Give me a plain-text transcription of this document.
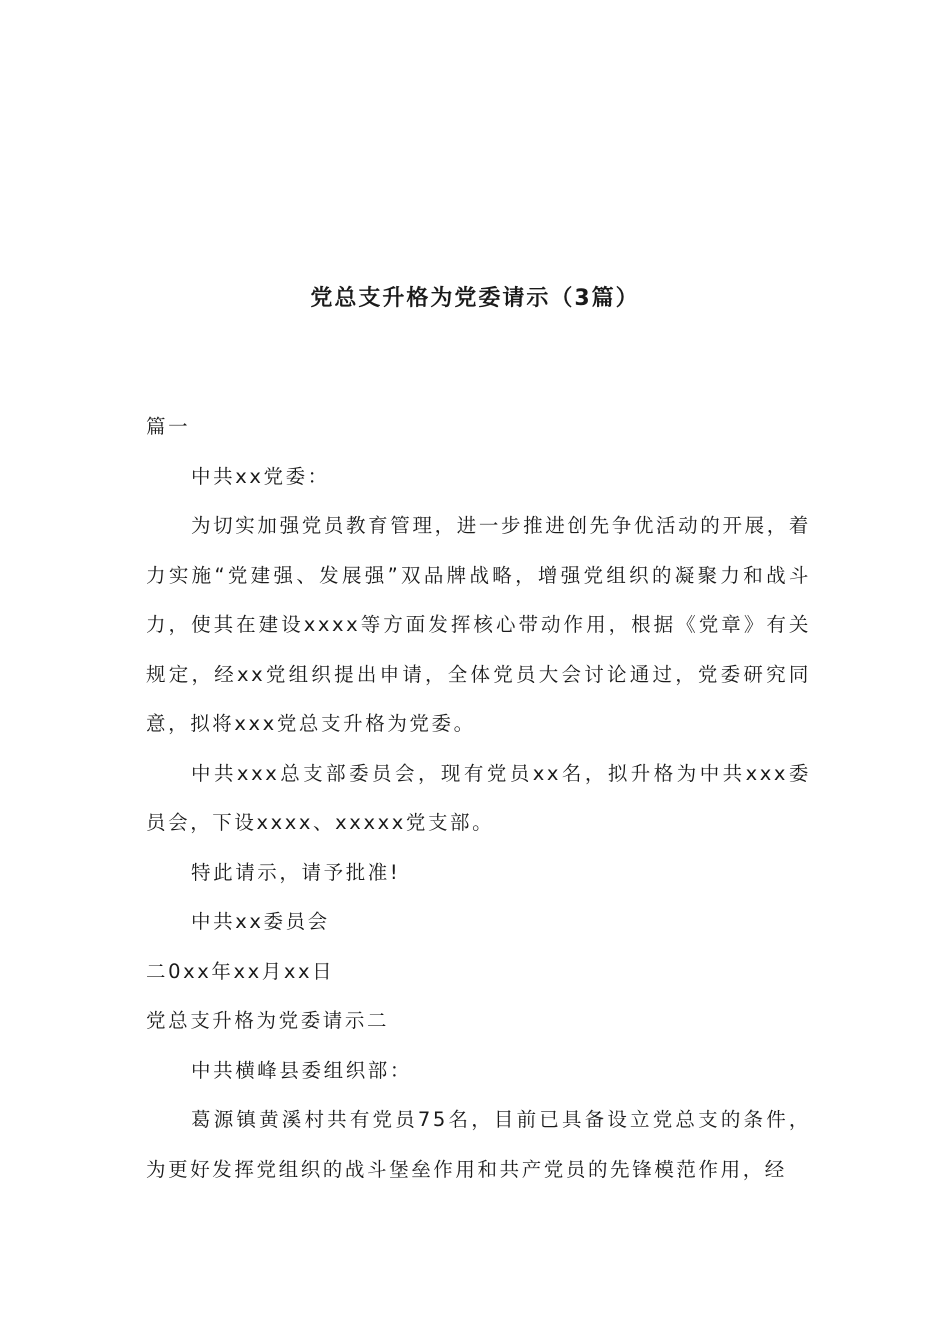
党总支升格为党委请示（3篇）

篇一

中共xx党委：

为切实加强党员教育管理，进一步推进创先争优活动的开展，着力实施“党建强、发展强”双品牌战略，增强党组织的凝聚力和战斗力，使其在建设xxxx等方面发挥核心带动作用，根据《党章》有关规定，经xx党组织提出申请，全体党员大会讨论通过，党委研究同意，拟将xxx党总支升格为党委。

中共xxx总支部委员会，现有党员xx名，拟升格为中共xxx委员会，下设xxxx、xxxxx党支部。

特此请示，请予批准!

中共xx委员会

二0xx年xx月xx日

党总支升格为党委请示二

中共横峰县委组织部：

葛源镇黄溪村共有党员75名，目前已具备设立党总支的条件，为更好发挥党组织的战斗堡垒作用和共产党员的先锋模范作用，经
